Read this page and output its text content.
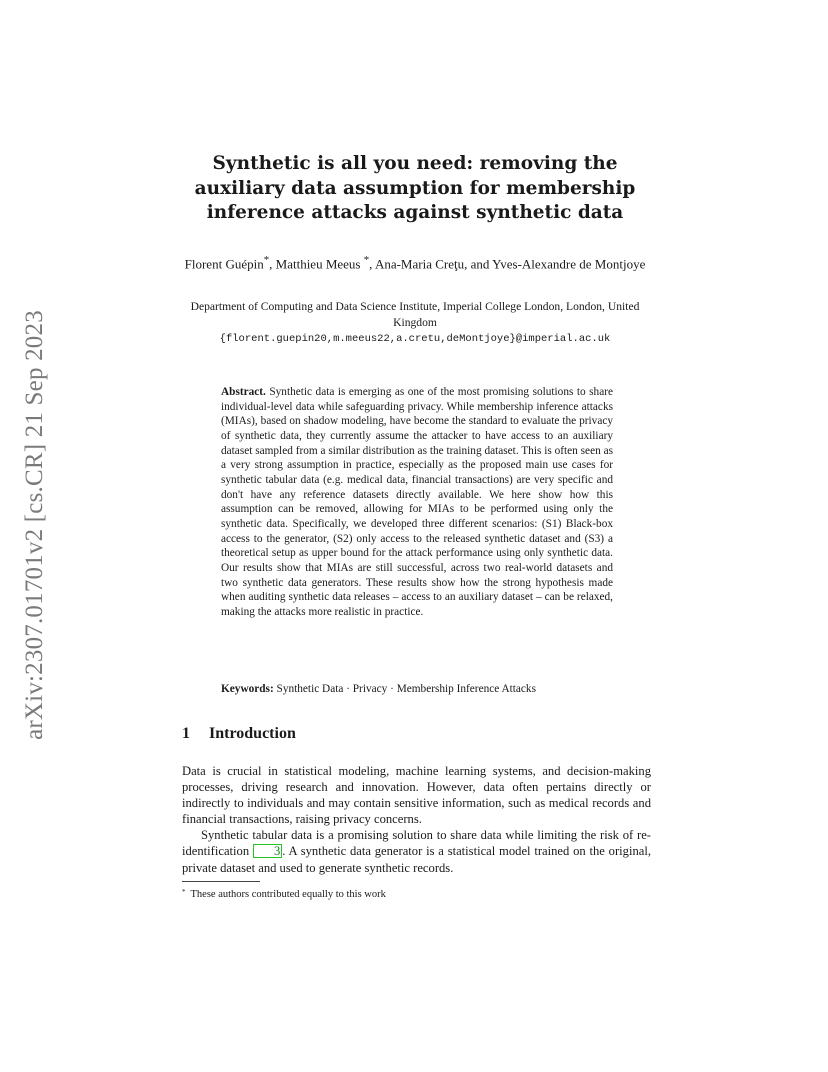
arXiv:2307.01701v2 [cs.CR] 21 Sep 2023
Synthetic is all you need: removing the auxiliary data assumption for membership inference attacks against synthetic data
Florent Guépin*, Matthieu Meeus *, Ana-Maria Creţu, and Yves-Alexandre de Montjoye
Department of Computing and Data Science Institute, Imperial College London, London, United Kingdom
{florent.guepin20,m.meeus22,a.cretu,deMontjoye}@imperial.ac.uk
Abstract. Synthetic data is emerging as one of the most promising solutions to share individual-level data while safeguarding privacy. While membership inference attacks (MIAs), based on shadow modeling, have become the standard to evaluate the privacy of synthetic data, they currently assume the attacker to have access to an auxiliary dataset sampled from a similar distribution as the training dataset. This is often seen as a very strong assumption in practice, especially as the proposed main use cases for synthetic tabular data (e.g. medical data, financial transactions) are very specific and don't have any reference datasets directly available. We here show how this assumption can be removed, allowing for MIAs to be performed using only the synthetic data. Specifically, we developed three different scenarios: (S1) Black-box access to the generator, (S2) only access to the released synthetic dataset and (S3) a theoretical setup as upper bound for the attack performance using only synthetic data. Our results show that MIAs are still successful, across two real-world datasets and two synthetic data generators. These results show how the strong hypothesis made when auditing synthetic data releases – access to an auxiliary dataset – can be relaxed, making the attacks more realistic in practice.
Keywords: Synthetic Data · Privacy · Membership Inference Attacks
1 Introduction

Data is crucial in statistical modeling, machine learning systems, and decision-making processes, driving research and innovation. However, data often pertains directly or indirectly to individuals and may contain sensitive information, such as medical records and financial transactions, raising privacy concerns.

Synthetic tabular data is a promising solution to share data while limiting the risk of re-identification 3 . A synthetic data generator is a statistical model trained on the original, private dataset and used to generate synthetic records.

* These authors contributed equally to this work
